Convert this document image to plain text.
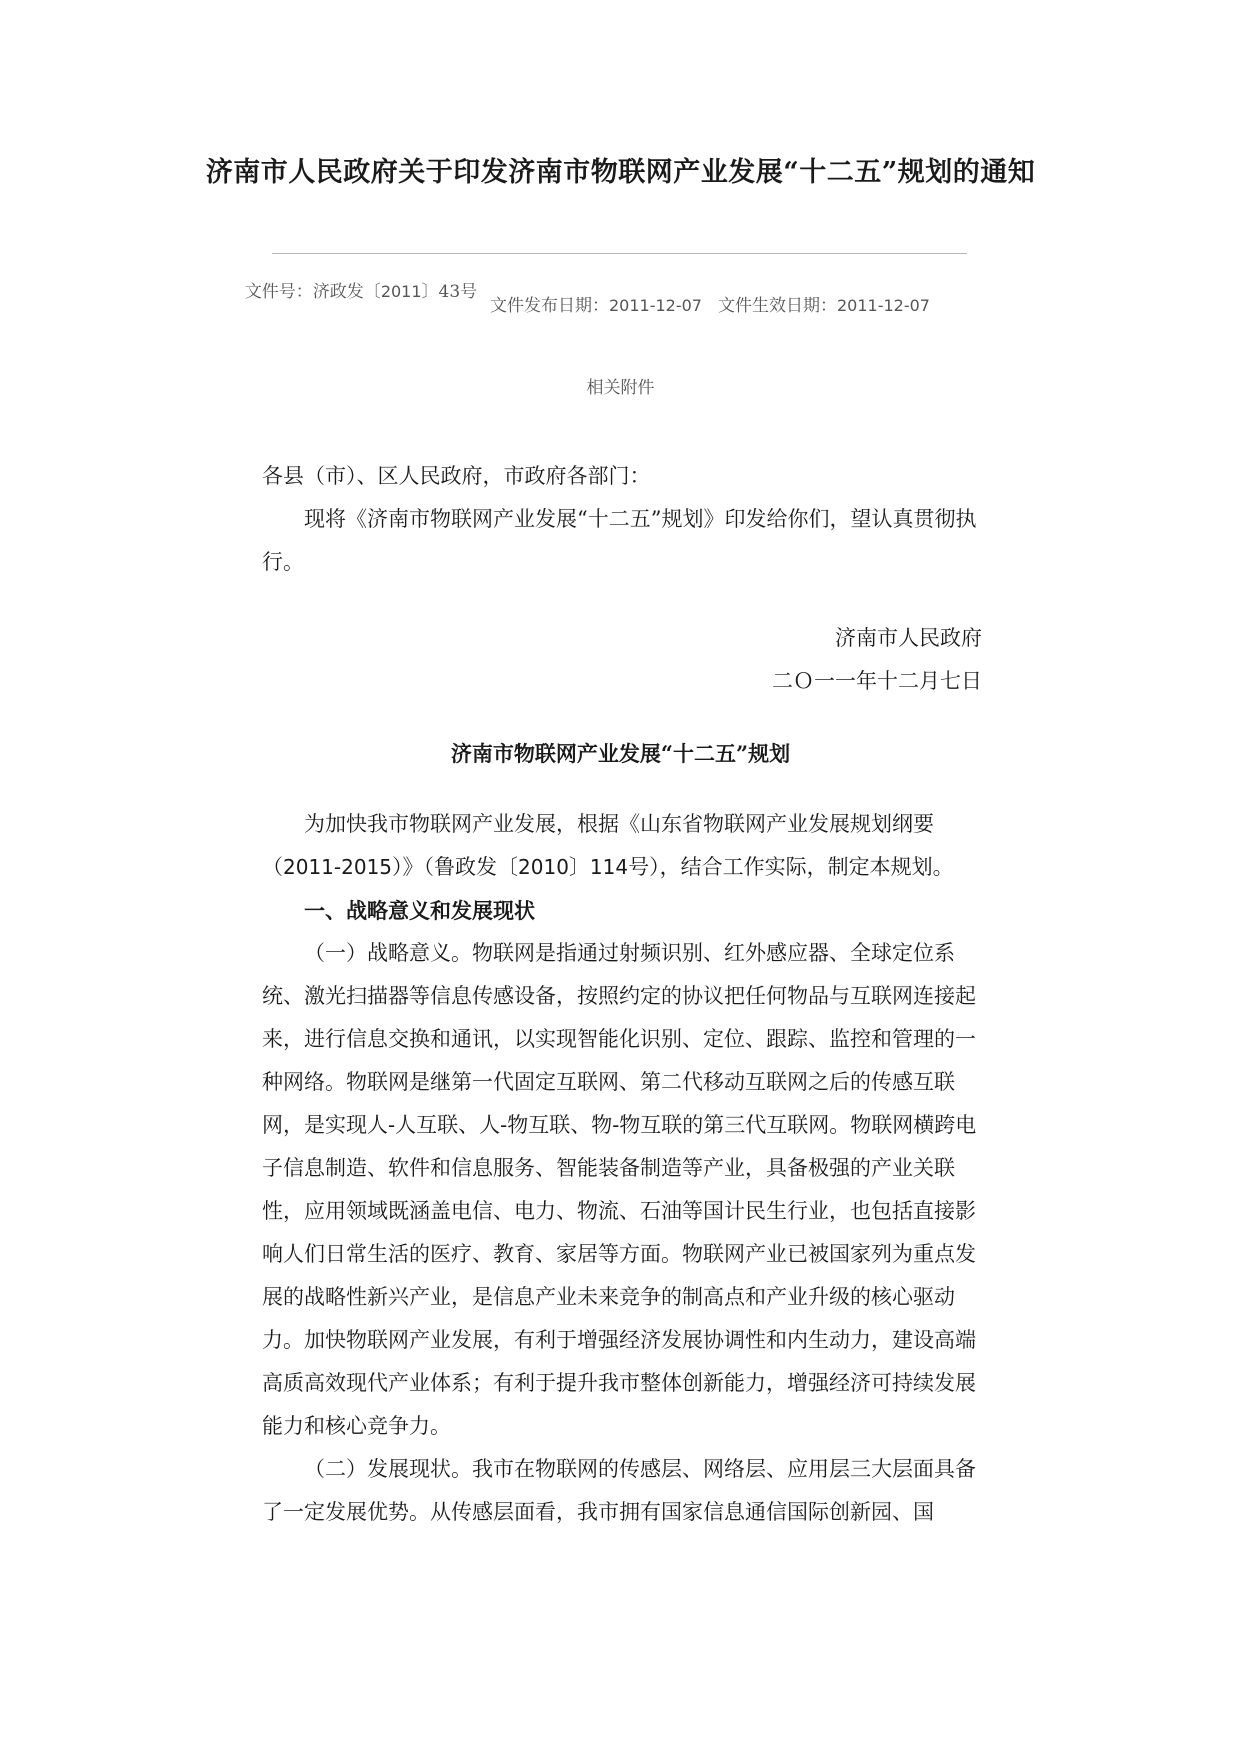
济南市人民政府关于印发济南市物联网产业发展“十二五”规划的通知
文件号：济政发〔2011〕43号
文件发布日期：2011-12-07 文件生效日期：2011-12-07
相关附件

各县（市）、区人民政府，市政府各部门：

现将《济南市物联网产业发展“十二五”规划》印发给你们，望认真贯彻执行。

济南市人民政府
二Ｏ一一年十二月七日
济南市物联网产业发展“十二五”规划

为加快我市物联网产业发展，根据《山东省物联网产业发展规划纲要（2011-2015）》（鲁政发〔2010〕114号），结合工作实际，制定本规划。

一、战略意义和发展现状

（一）战略意义。物联网是指通过射频识别、红外感应器、全球定位系统、激光扫描器等信息传感设备，按照约定的协议把任何物品与互联网连接起来，进行信息交换和通讯，以实现智能化识别、定位、跟踪、监控和管理的一种网络。物联网是继第一代固定互联网、第二代移动互联网之后的传感互联网，是实现人-人互联、人-物互联、物-物互联的第三代互联网。物联网横跨电子信息制造、软件和信息服务、智能装备制造等产业，具备极强的产业关联性，应用领域既涵盖电信、电力、物流、石油等国计民生行业，也包括直接影响人们日常生活的医疗、教育、家居等方面。物联网产业已被国家列为重点发展的战略性新兴产业，是信息产业未来竞争的制高点和产业升级的核心驱动力。加快物联网产业发展，有利于增强经济发展协调性和内生动力，建设高端高质高效现代产业体系；有利于提升我市整体创新能力，增强经济可持续发展能力和核心竞争力。

（二）发展现状。我市在物联网的传感层、网络层、应用层三大层面具备了一定发展优势。从传感层面看，我市拥有国家信息通信国际创新园、国
